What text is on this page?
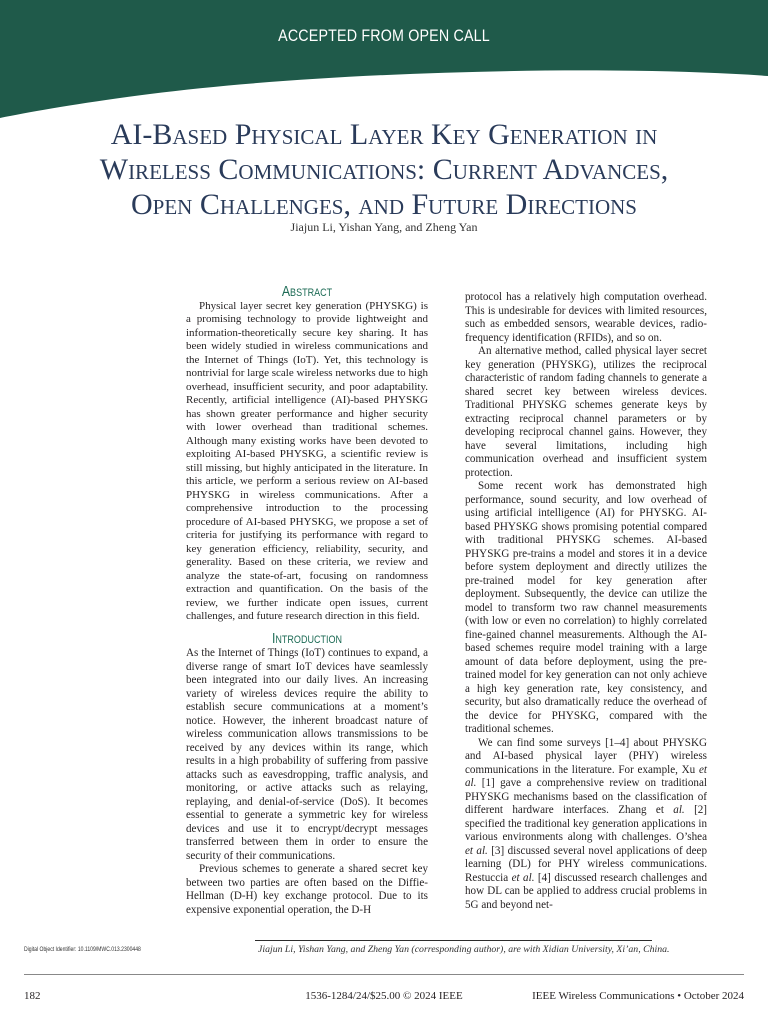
ACCEPTED FROM OPEN CALL
AI-Based Physical Layer Key Generation in
Wireless Communications: Current Advances,
Open Challenges, and Future Directions
Jiajun Li, Yishan Yang, and Zheng Yan
Abstract

Physical layer secret key generation (PHYSKG) is a promising technology to provide lightweight and information-theoretically secure key sharing. It has been widely studied in wireless communications and the Internet of Things (IoT). Yet, this technology is nontrivial for large scale wireless networks due to high overhead, insufficient security, and poor adaptability. Recently, artificial intelligence (AI)-based PHYSKG has shown greater performance and higher security with lower overhead than traditional schemes. Although many existing works have been devoted to exploiting AI-based PHYSKG, a scientific review is still missing, but highly anticipated in the literature. In this article, we perform a serious review on AI-based PHYSKG in wireless communications. After a comprehensive introduction to the processing procedure of AI-based PHYSKG, we propose a set of criteria for justifying its performance with regard to key generation efficiency, reliability, security, and generality. Based on these criteria, we review and analyze the state-of-art, focusing on randomness extraction and quantification. On the basis of the review, we further indicate open issues, current challenges, and future research direction in this field.

Introduction

As the Internet of Things (IoT) continues to expand, a diverse range of smart IoT devices have seamlessly been integrated into our daily lives. An increasing variety of wireless devices require the ability to establish secure communications at a moment’s notice. However, the inherent broadcast nature of wireless communication allows transmissions to be received by any devices within its range, which results in a high probability of suffering from passive attacks such as eavesdropping, traffic analysis, and monitoring, or active attacks such as relaying, replaying, and denial-of-service (DoS). It becomes essential to generate a symmetric key for wireless devices and use it to encrypt/decrypt messages transferred between them in order to ensure the security of their communications.

Previous schemes to generate a shared secret key between two parties are often based on the Diffie-Hellman (D-H) key exchange protocol. Due to its expensive exponential operation, the D-H

protocol has a relatively high computation overhead. This is undesirable for devices with limited resources, such as embedded sensors, wearable devices, radio-frequency identification (RFIDs), and so on.

An alternative method, called physical layer secret key generation (PHYSKG), utilizes the reciprocal characteristic of random fading channels to generate a shared secret key between wireless devices. Traditional PHYSKG schemes generate keys by extracting reciprocal channel parameters or by developing reciprocal channel gains. However, they have several limitations, including high communication overhead and insufficient system protection.

Some recent work has demonstrated high performance, sound security, and low overhead of using artificial intelligence (AI) for PHYSKG. AI-based PHYSKG shows promising potential compared with traditional PHYSKG schemes. AI-based PHYSKG pre-trains a model and stores it in a device before system deployment and directly utilizes the pre-trained model for key generation after deployment. Subsequently, the device can utilize the model to transform two raw channel measurements (with low or even no correlation) to highly correlated fine-gained channel measurements. Although the AI-based schemes require model training with a large amount of data before deployment, using the pre-trained model for key generation can not only achieve a high key generation rate, key consistency, and security, but also dramatically reduce the overhead of the device for PHYSKG, compared with the traditional schemes.

We can find some surveys [1–4] about PHYSKG and AI-based physical layer (PHY) wireless communications in the literature. For example, Xu et al. [1] gave a comprehensive review on traditional PHYSKG mechanisms based on the classification of different hardware interfaces. Zhang et al. [2] specified the traditional key generation applications in various environments along with challenges. O’shea et al. [3] discussed several novel applications of deep learning (DL) for PHY wireless communications. Restuccia et al. [4] discussed research challenges and how DL can be applied to address crucial problems in 5G and beyond net-

Digital Object Identifier: 10.1109/MWC.013.2300448	Jiajun Li, Yishan Yang, and Zheng Yan (corresponding author), are with Xidian University, Xi’an, China.
182	1536-1284/24/$25.00 © 2024 IEEE	IEEE Wireless Communications • October 2024
